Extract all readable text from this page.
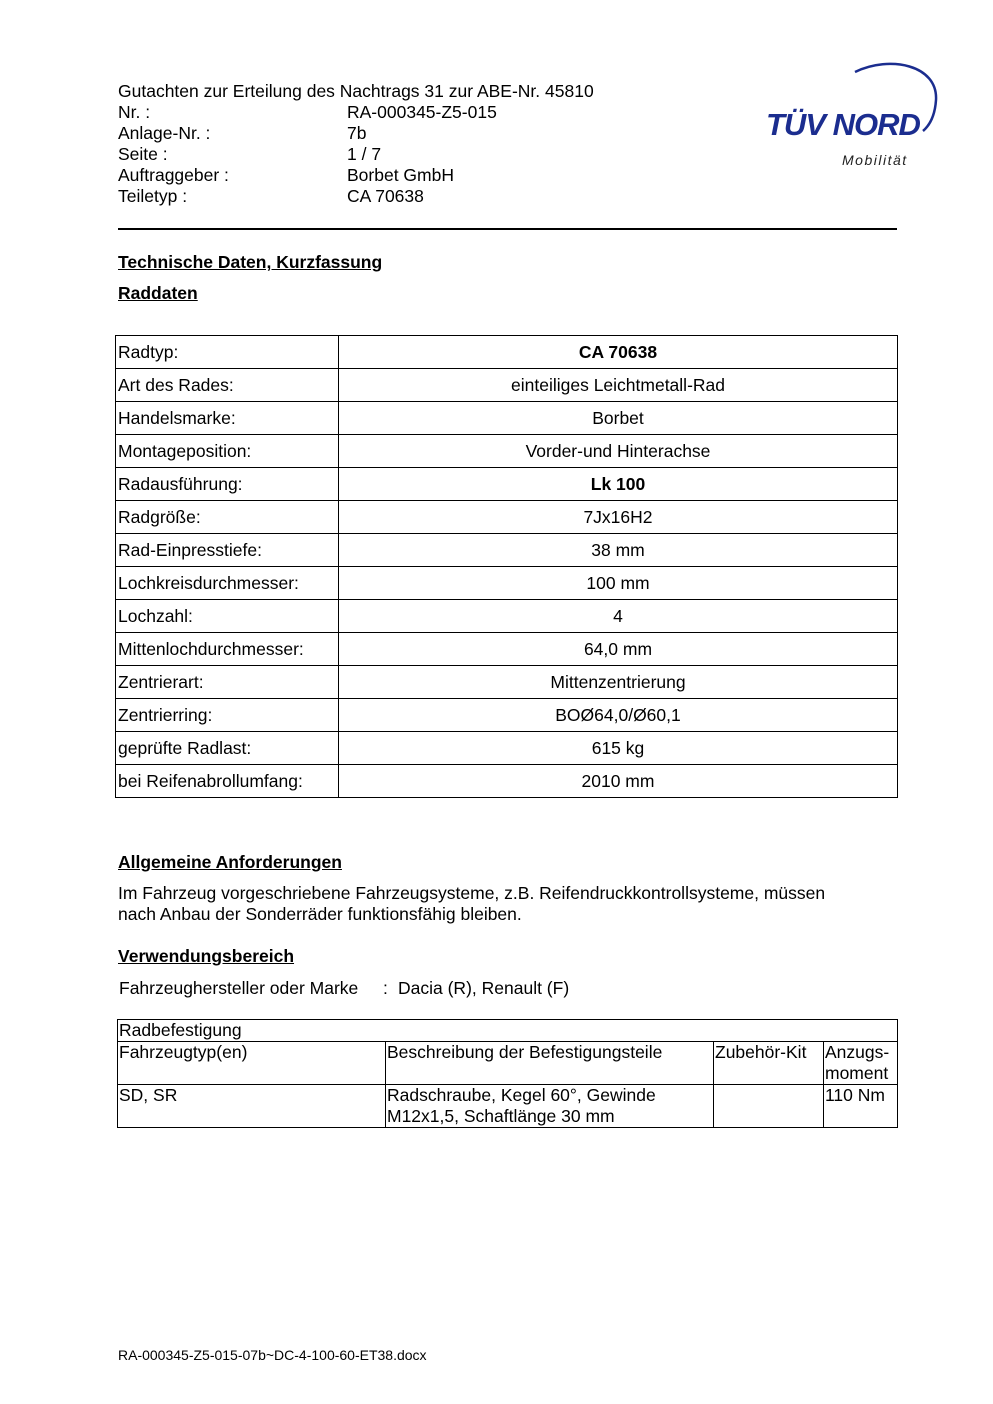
Gutachten zur Erteilung des Nachtrags 31 zur ABE-Nr. 45810
Nr. :	RA-000345-Z5-015
Anlage-Nr. :	7b
Seite :	1 / 7
Auftraggeber :	Borbet GmbH
Teiletyp :	CA 70638
TÜV NORD
Mobilität
Technische Daten, Kurzfassung
Raddaten
Radtyp:	CA 70638
Art des Rades:	einteiliges Leichtmetall-Rad
Handelsmarke:	Borbet
Montageposition:	Vorder-und Hinterachse
Radausführung:	Lk 100
Radgröße:	7Jx16H2
Rad-Einpresstiefe:	38 mm
Lochkreisdurchmesser:	100 mm
Lochzahl:	4
Mittenlochdurchmesser:	64,0 mm
Zentrierart:	Mittenzentrierung
Zentrierring:	BOØ64,0/Ø60,1
geprüfte Radlast:	615 kg
bei Reifenabrollumfang:	2010 mm
Allgemeine Anforderungen
Im Fahrzeug vorgeschriebene Fahrzeugsysteme, z.B. Reifendruckkontrollsysteme, müssen
nach Anbau der Sonderräder funktionsfähig bleiben.
Verwendungsbereich
Fahrzeughersteller oder Marke : Dacia (R), Renault (F)
Radbefestigung			
Fahrzeugtyp(en)	Beschreibung der Befestigungsteile	Zubehör-Kit	Anzugs-
moment

SD, SR	Radschraube, Kegel 60°, Gewinde
M12x1,5, Schaftlänge 30 mm		110 Nm
RA-000345-Z5-015-07b~DC-4-100-60-ET38.docx
